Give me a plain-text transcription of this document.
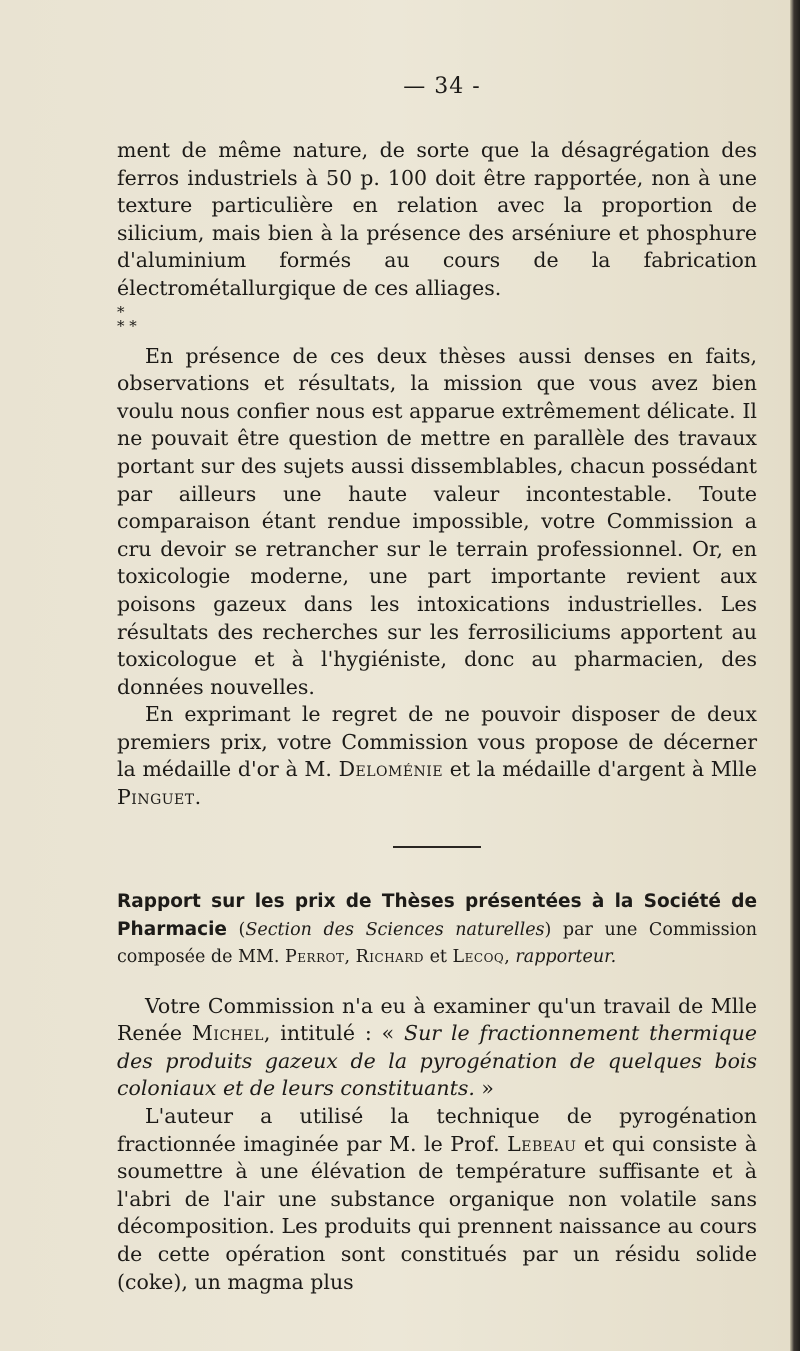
— 34 -

ment de même nature, de sorte que la désagrégation des ferros industriels à 50 p. 100 doit être rapportée, non à une texture particulière en relation avec la proportion de silicium, mais bien à la présence des arséniure et phosphure d'aluminium formés au cours de la fabrication électrométallurgique de ces alliages.

*
* *

En présence de ces deux thèses aussi denses en faits, observations et résultats, la mission que vous avez bien voulu nous confier nous est apparue extrêmement délicate. Il ne pouvait être question de mettre en parallèle des travaux portant sur des sujets aussi dissemblables, chacun possédant par ailleurs une haute valeur incontestable. Toute comparaison étant rendue impossible, votre Commission a cru devoir se retrancher sur le terrain professionnel. Or, en toxicologie moderne, une part importante revient aux poisons gazeux dans les intoxications industrielles. Les résultats des recherches sur les ferrosiliciums apportent au toxicologue et à l'hygiéniste, donc au pharmacien, des données nouvelles.

En exprimant le regret de ne pouvoir disposer de deux premiers prix, votre Commission vous propose de décerner la médaille d'or à M. Deloménie et la médaille d'argent à Mlle Pinguet.

Rapport sur les prix de Thèses présentées à la Société de Pharmacie (Section des Sciences naturelles) par une Commission composée de MM. Perrot, Richard et Lecoq, rapporteur.

Votre Commission n'a eu à examiner qu'un travail de Mlle Renée Michel, intitulé : « Sur le fractionnement thermique des produits gazeux de la pyrogénation de quelques bois coloniaux et de leurs constituants. »

L'auteur a utilisé la technique de pyrogénation fractionnée imaginée par M. le Prof. Lebeau et qui consiste à soumettre à une élévation de température suffisante et à l'abri de l'air une substance organique non volatile sans décomposition. Les produits qui prennent naissance au cours de cette opération sont constitués par un résidu solide (coke), un magma plus
